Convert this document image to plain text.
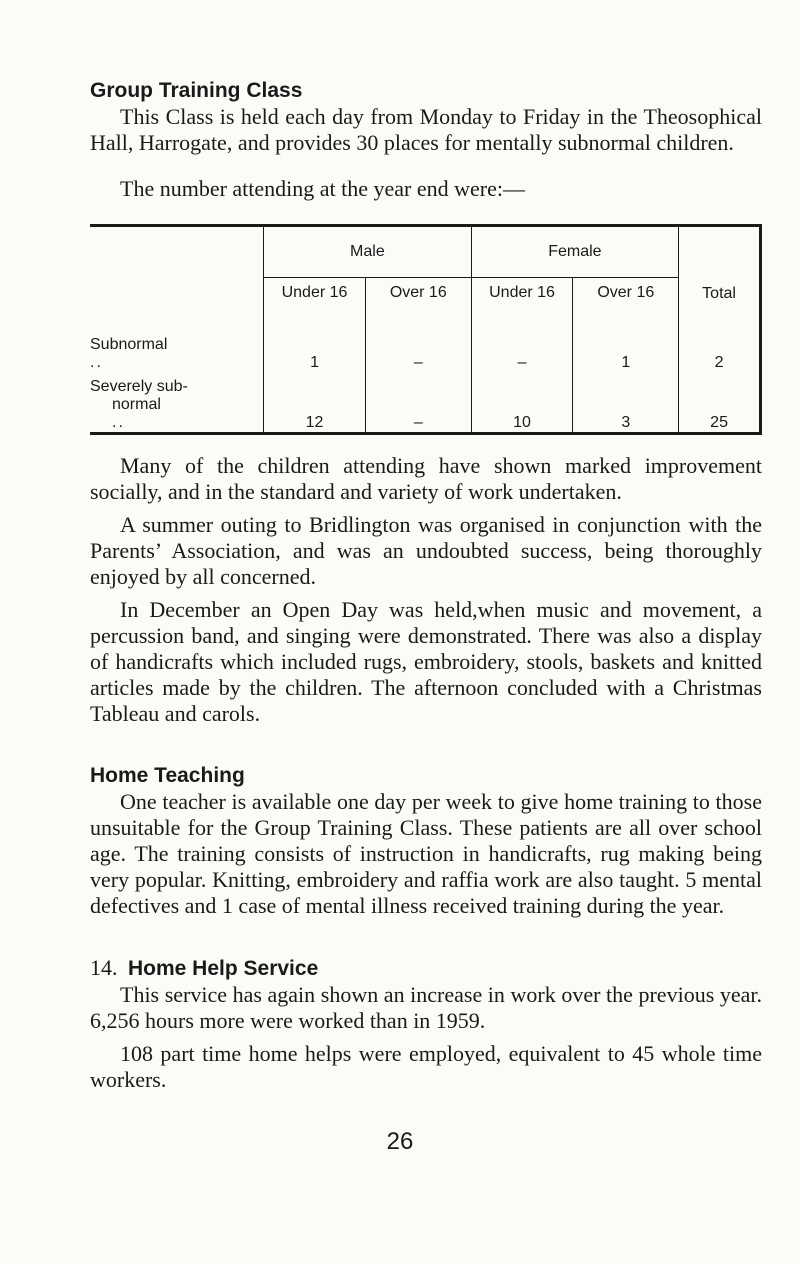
Group Training Class

This Class is held each day from Monday to Friday in the Theosophical Hall, Harrogate, and provides 30 places for mentally subnormal children.

The number attending at the year end were:—

	Male		Female		Total
	Under 16	Over 16	Under 16	Over 16	

Subnormal
..	1	–	–	1	2

Severely sub-
normal
..	12	–	10	3	25

Many of the children attending have shown marked improvement socially, and in the standard and variety of work undertaken.

A summer outing to Bridlington was organised in conjunction with the Parents’ Association, and was an undoubted success, being thoroughly enjoyed by all concerned.

In December an Open Day was held,when music and movement, a percussion band, and singing were demonstrated. There was also a display of handicrafts which included rugs, embroidery, stools, baskets and knitted articles made by the children. The afternoon concluded with a Christmas Tableau and carols.

Home Teaching

One teacher is available one day per week to give home training to those unsuitable for the Group Training Class. These patients are all over school age. The training consists of instruction in handicrafts, rug making being very popular. Knitting, embroidery and raffia work are also taught. 5 mental defectives and 1 case of mental illness received training during the year.

14. Home Help Service

This service has again shown an increase in work over the previous year. 6,256 hours more were worked than in 1959.

108 part time home helps were employed, equivalent to 45 whole time workers.

26
